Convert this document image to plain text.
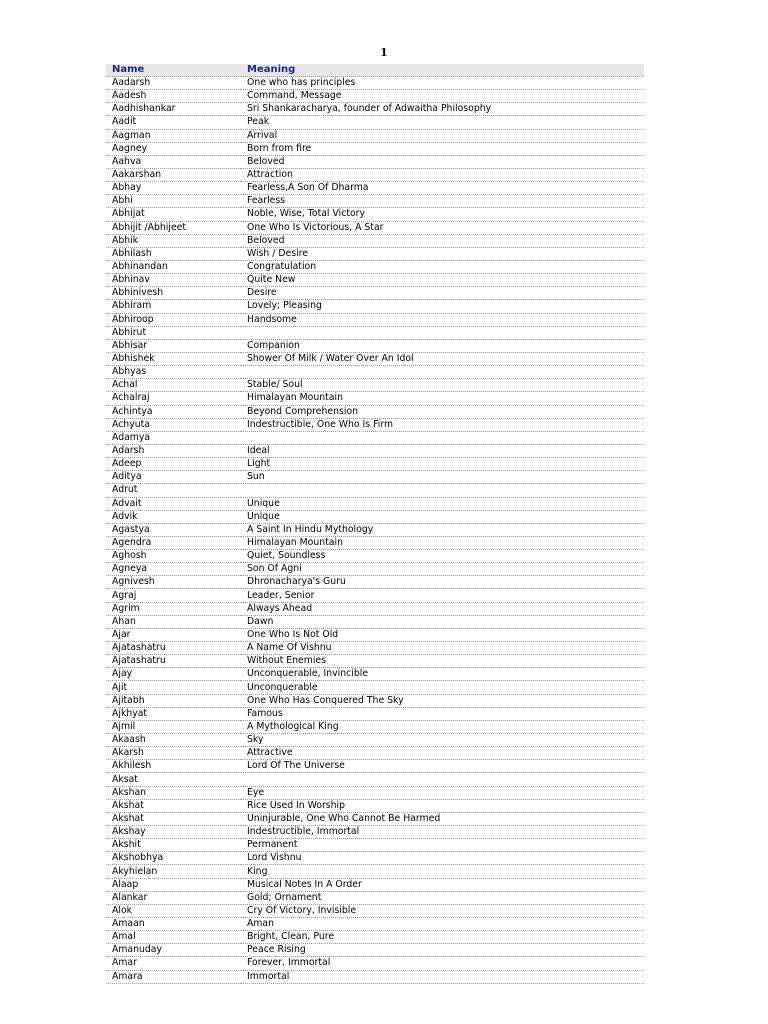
1
Name	Meaning
Aadarsh	One who has principles
Aadesh	Command, Message
Aadhishankar	Sri Shankaracharya, founder of Adwaitha Philosophy
Aadit	Peak
Aagman	Arrival
Aagney	Born from fire
Aahva	Beloved
Aakarshan	Attraction
Abhay	Fearless,A Son Of Dharma
Abhi	Fearless
Abhijat	Noble, Wise, Total Victory
Abhijit /Abhijeet	One Who Is Victorious, A Star
Abhik	Beloved
Abhilash	Wish / Desire
Abhinandan	Congratulation
Abhinav	Quite New
Abhinivesh	Desire
Abhiram	Lovely; Pleasing
Abhiroop	Handsome
Abhirut	
Abhisar	Companion
Abhishek	Shower Of Milk / Water Over An Idol
Abhyas	
Achal	Stable/ Soul
Achalraj	Himalayan Mountain
Achintya	Beyond Comprehension
Achyuta	Indestructible, One Who Is Firm
Adamya	
Adarsh	Ideal
Adeep	Light
Aditya	Sun
Adrut	
Advait	Unique
Advik	Unique
Agastya	A Saint In Hindu Mythology
Agendra	Himalayan Mountain
Aghosh	Quiet, Soundless
Agneya	Son Of Agni
Agnivesh	Dhronacharya's Guru
Agraj	Leader, Senior
Agrim	Always Ahead
Ahan	Dawn
Ajar	One Who Is Not Old
Ajatashatru	A Name Of Vishnu
Ajatashatru	Without Enemies
Ajay	Unconquerable, Invincible
Ajit	Unconquerable
Ajitabh	One Who Has Conquered The Sky
Ajkhyat	Famous
Ajmil	A Mythological King
Akaash	Sky
Akarsh	Attractive
Akhilesh	Lord Of The Universe
Aksat	
Akshan	Eye
Akshat	Rice Used In Worship
Akshat	Uninjurable, One Who Cannot Be Harmed
Akshay	Indestructible, Immortal
Akshit	Permanent
Akshobhya	Lord Vishnu
Akyhielan	King
Alaap	Musical Notes In A Order
Alankar	Gold; Ornament
Alok	Cry Of Victory, Invisible
Amaan	Aman
Amal	Bright, Clean, Pure
Amanuday	Peace Rising
Amar	Forever, Immortal
Amara	Immortal
